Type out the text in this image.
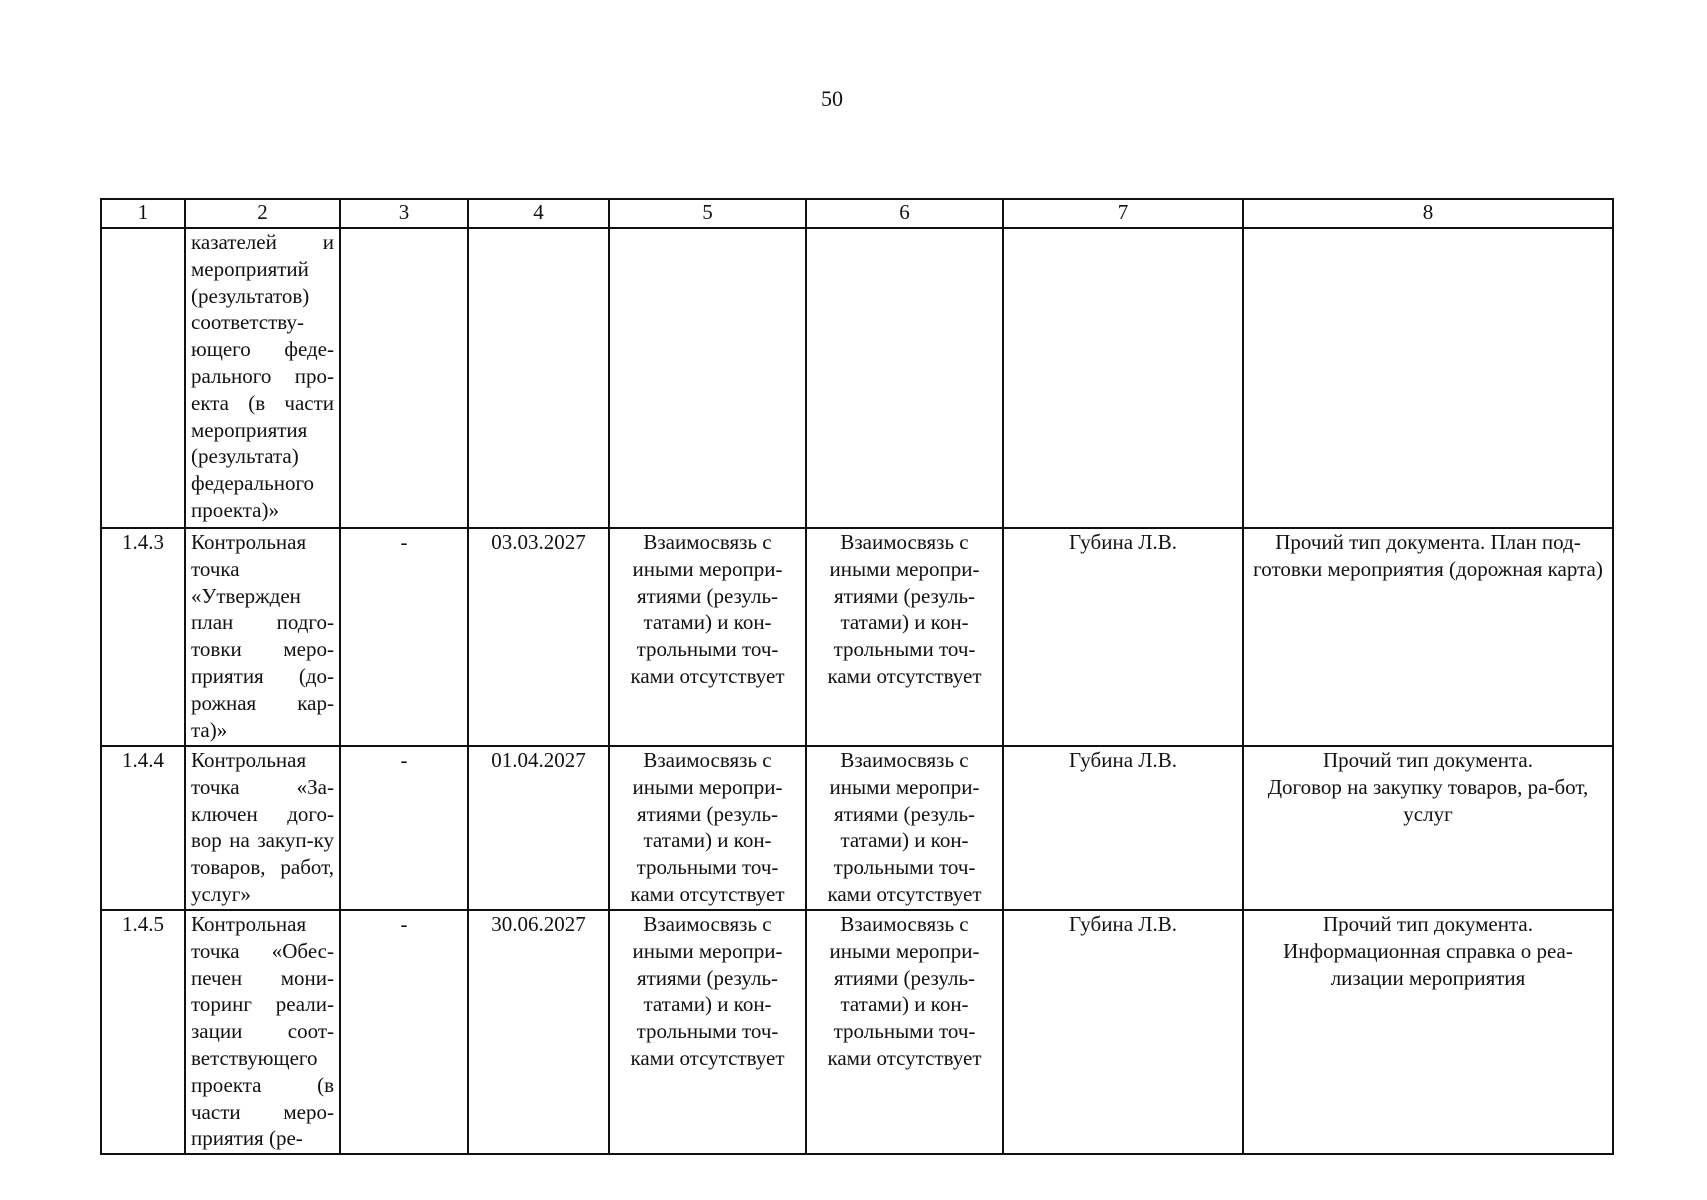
50
1	2	3	4	5	6	7	8
	казателей и мероприятий (результатов) соответству-ющего феде-рального про-екта (в части мероприятия (результата) федерального проекта)»						
1.4.3	Контрольная точка «Утвержден план подго-товки меро-приятия (до-рожная кар-та)»	-	03.03.2027	Взаимосвязь с иными меропри-ятиями (резуль-татами) и кон-трольными точ-ками отсутствует	Взаимосвязь с иными меропри-ятиями (резуль-татами) и кон-трольными точ-ками отсутствует	Губина Л.В.	Прочий тип документа. План под-готовки мероприятия (дорожная карта)
1.4.4	Контрольная точка «За-ключен дого-вор на закуп-ку товаров, работ, услуг»	-	01.04.2027	Взаимосвязь с иными меропри-ятиями (резуль-татами) и кон-трольными точ-ками отсутствует	Взаимосвязь с иными меропри-ятиями (резуль-татами) и кон-трольными точ-ками отсутствует	Губина Л.В.	Прочий тип документа.
Договор на закупку товаров, ра-бот, услуг
1.4.5	Контрольная точка «Обес-печен мони-торинг реали-зации соот-ветствующего проекта (в части меро-приятия (ре-	-	30.06.2027	Взаимосвязь с иными меропри-ятиями (резуль-татами) и кон-трольными точ-ками отсутствует	Взаимосвязь с иными меропри-ятиями (резуль-татами) и кон-трольными точ-ками отсутствует	Губина Л.В.	Прочий тип документа.
Информационная справка о реа-лизации мероприятия
